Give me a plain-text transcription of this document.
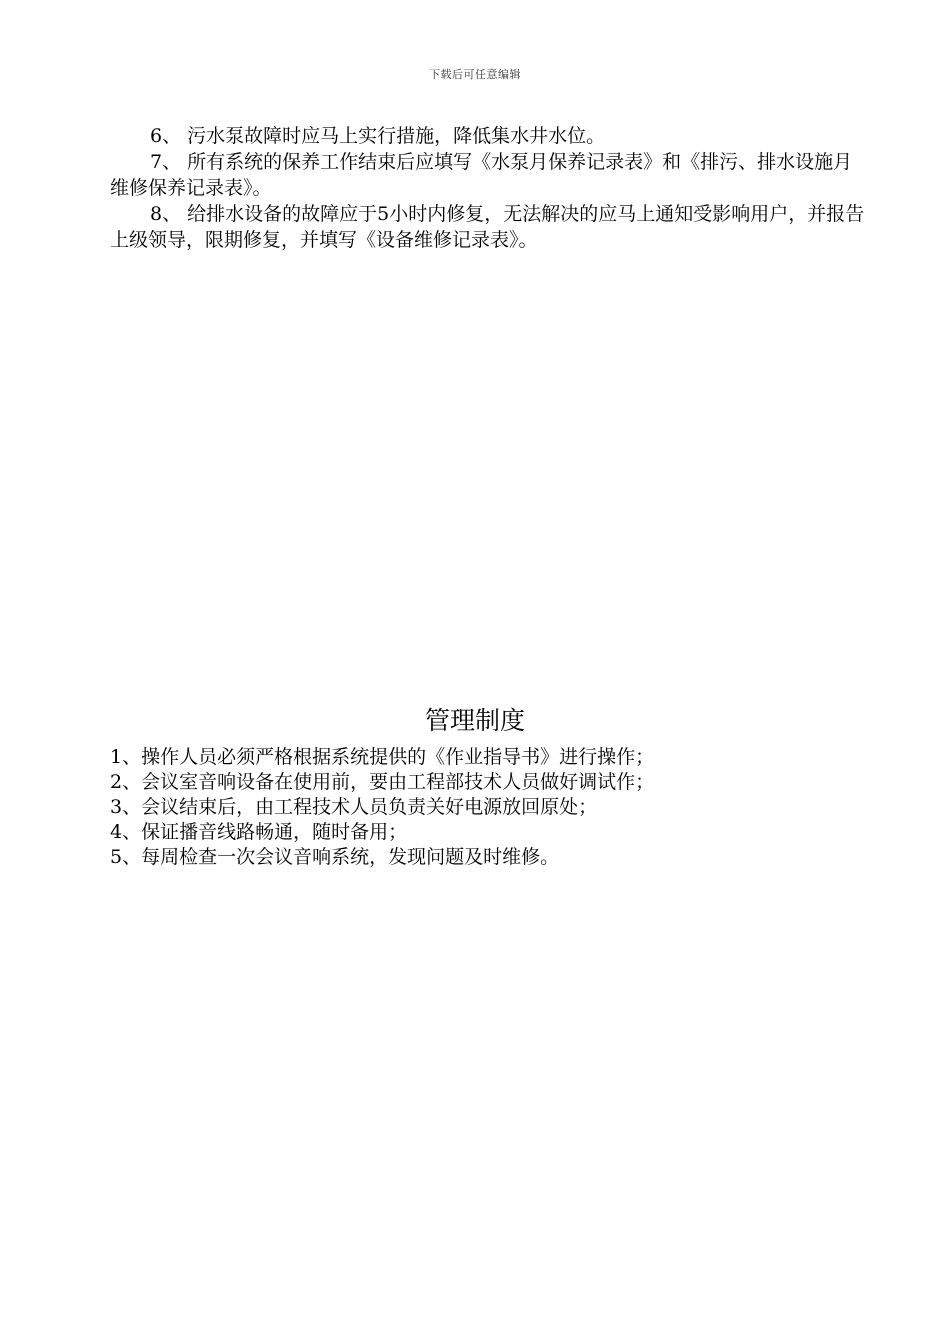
下载后可任意编辑

6、 污水泵故障时应马上实行措施，降低集水井水位。

7、 所有系统的保养工作结束后应填写《水泵月保养记录表》和《排污、排水设施月维修保养记录表》。

8、 给排水设备的故障应于5小时内修复，无法解决的应马上通知受影响用户，并报告上级领导，限期修复，并填写《设备维修记录表》。

管理制度

1、操作人员必须严格根据系统提供的《作业指导书》进行操作；

2、会议室音响设备在使用前，要由工程部技术人员做好调试作；

3、会议结束后，由工程技术人员负责关好电源放回原处；

4、保证播音线路畅通，随时备用；

5、每周检查一次会议音响系统，发现问题及时维修。
